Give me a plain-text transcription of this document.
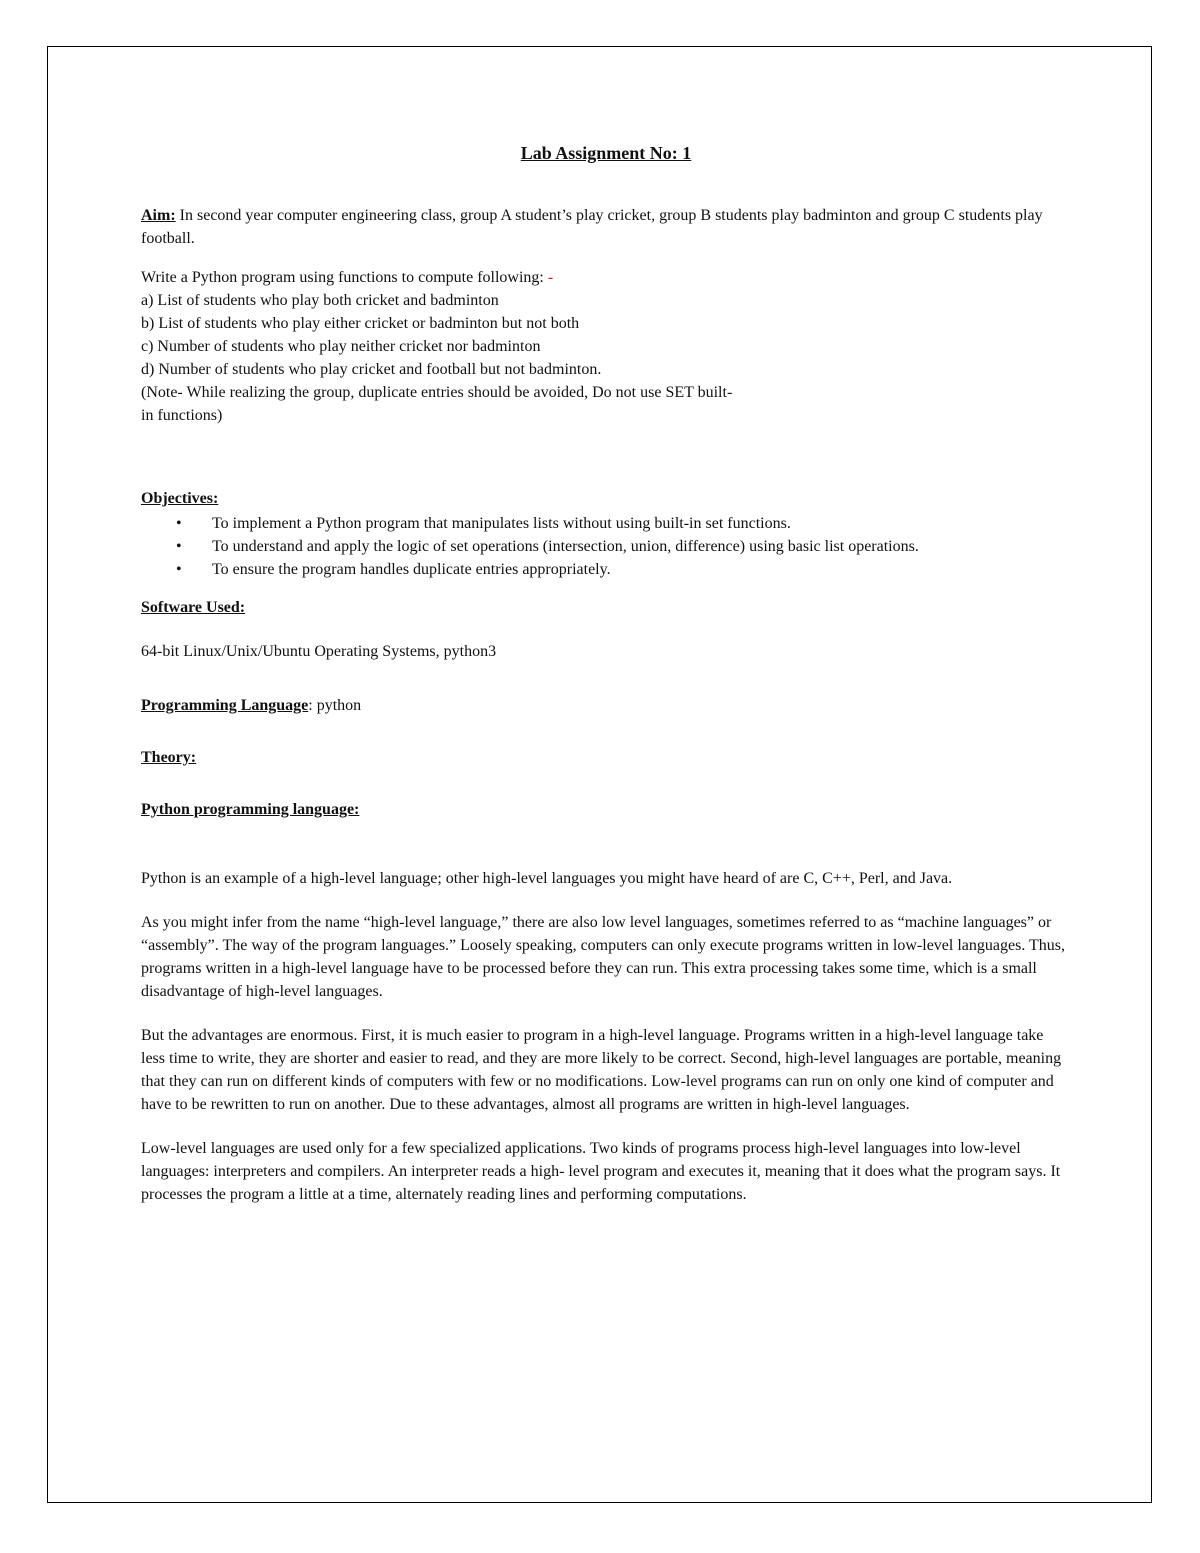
Lab Assignment No: 1

Aim: In second year computer engineering class, group A student’s play cricket, group B students play badminton and group C students play football.

Write a Python program using functions to compute following: -

a) List of students who play both cricket and badminton

b) List of students who play either cricket or badminton but not both

c) Number of students who play neither cricket nor badminton

d) Number of students who play cricket and football but not badminton.

(Note- While realizing the group, duplicate entries should be avoided, Do not use SET built-

in functions)

Objectives:

• To implement a Python program that manipulates lists without using built-in set functions.
• To understand and apply the logic of set operations (intersection, union, difference) using basic list operations.
• To ensure the program handles duplicate entries appropriately.

Software Used:

64-bit Linux/Unix/Ubuntu Operating Systems, python3

Programming Language: python

Theory:

Python programming language:

Python is an example of a high-level language; other high-level languages you might have heard of are C, C++, Perl, and Java.

As you might infer from the name “high-level language,” there are also low level languages, sometimes referred to as “machine languages” or “assembly”. The way of the program languages.” Loosely speaking, computers can only execute programs written in low-level languages. Thus, programs written in a high-level language have to be processed before they can run. This extra processing takes some time, which is a small disadvantage of high-level languages.

But the advantages are enormous. First, it is much easier to program in a high-level language. Programs written in a high-level language take less time to write, they are shorter and easier to read, and they are more likely to be correct. Second, high-level languages are portable, meaning that they can run on different kinds of computers with few or no modifications. Low-level programs can run on only one kind of computer and have to be rewritten to run on another. Due to these advantages, almost all programs are written in high-level languages.

Low-level languages are used only for a few specialized applications. Two kinds of programs process high-level languages into low-level languages: interpreters and compilers. An interpreter reads a high- level program and executes it, meaning that it does what the program says. It processes the program a little at a time, alternately reading lines and performing computations.
